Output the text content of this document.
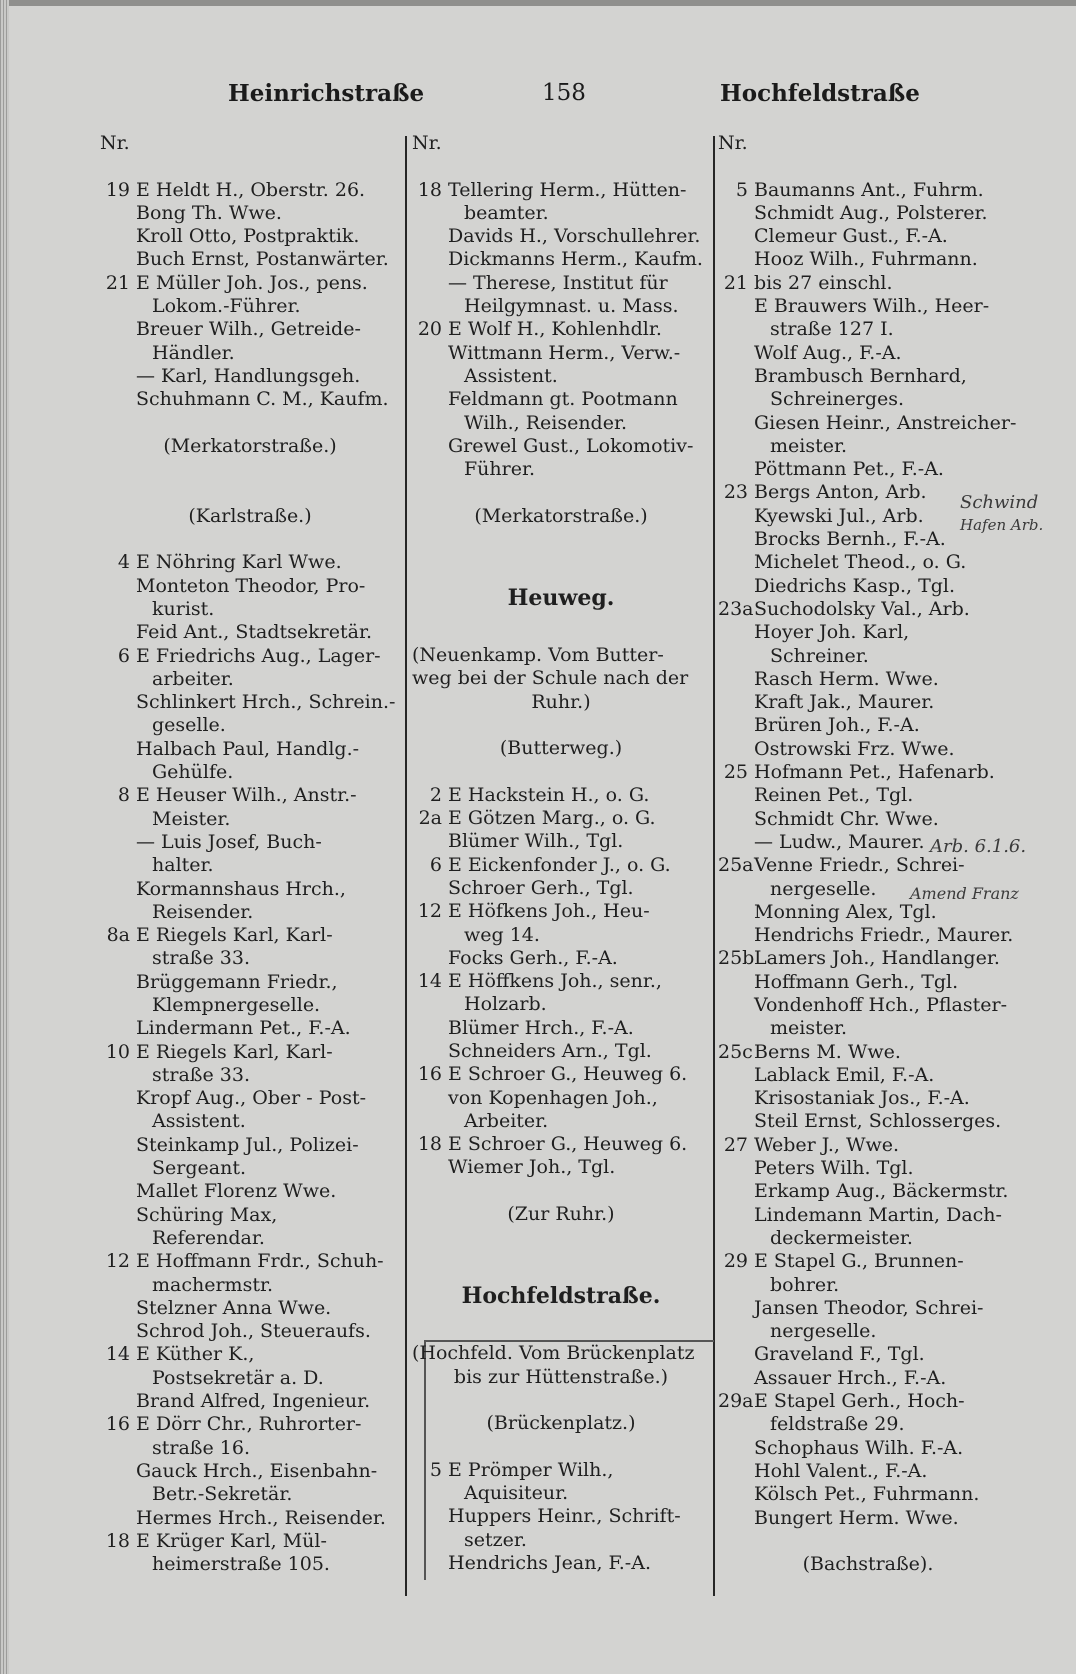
Heinrichstraße	158	Hochfeldstraße
Nr.
19 E Heldt H., Oberstr. 26.
Bong Th. Wwe.
Kroll Otto, Postpraktik.
Buch Ernst, Postanwärter.
21 E Müller Joh. Jos., pens.
Lokom.-Führer.
Breuer Wilh., Getreide-
Händler.
— Karl, Handlungsgeh.
Schuhmann C. M., Kaufm.
(Merkatorstraße.)
(Karlstraße.)
4 E Nöhring Karl Wwe.
Monteton Theodor, Pro-
kurist.
Feid Ant., Stadtsekretär.
6 E Friedrichs Aug., Lager-
arbeiter.
Schlinkert Hrch., Schrein.-
geselle.
Halbach Paul, Handlg.-
Gehülfe.
8 E Heuser Wilh., Anstr.-
Meister.
— Luis Josef, Buch-
halter.
Kormannshaus Hrch.,
Reisender.
8a E Riegels Karl, Karl-
straße 33.
Brüggemann Friedr.,
Klempnergeselle.
Lindermann Pet., F.-A.
10 E Riegels Karl, Karl-
straße 33.
Kropf Aug., Ober - Post-
Assistent.
Steinkamp Jul., Polizei-
Sergeant.
Mallet Florenz Wwe.
Schüring Max,
Referendar.
12 E Hoffmann Frdr., Schuh-
machermstr.
Stelzner Anna Wwe.
Schrod Joh., Steueraufs.
14 E Küther K.,
Postsekretär a. D.
Brand Alfred, Ingenieur.
16 E Dörr Chr., Ruhrorter-
straße 16.
Gauck Hrch., Eisenbahn-
Betr.-Sekretär.
Hermes Hrch., Reisender.
18 E Krüger Karl, Mül-
heimerstraße 105.
Nr.
18 Tellering Herm., Hütten-
beamter.
Davids H., Vorschullehrer.
Dickmanns Herm., Kaufm.
— Therese, Institut für
Heilgymnast. u. Mass.
20 E Wolf H., Kohlenhdlr.
Wittmann Herm., Verw.-
Assistent.
Feldmann gt. Pootmann
Wilh., Reisender.
Grewel Gust., Lokomotiv-
Führer.
(Merkatorstraße.)
Heuweg.
(Neuenkamp. Vom Butter-
weg bei der Schule nach der
Ruhr.)
(Butterweg.)
2 E Hackstein H., o. G.
2a E Götzen Marg., o. G.
Blümer Wilh., Tgl.
6 E Eickenfonder J., o. G.
Schroer Gerh., Tgl.
12 E Höfkens Joh., Heu-
weg 14.
Focks Gerh., F.-A.
14 E Höffkens Joh., senr.,
Holzarb.
Blümer Hrch., F.-A.
Schneiders Arn., Tgl.
16 E Schroer G., Heuweg 6.
von Kopenhagen Joh.,
Arbeiter.
18 E Schroer G., Heuweg 6.
Wiemer Joh., Tgl.
(Zur Ruhr.)
Hochfeldstraße.
(Hochfeld. Vom Brückenplatz
bis zur Hüttenstraße.)
(Brückenplatz.)
5 E Prömper Wilh.,
Aquisiteur.
Huppers Heinr., Schrift-
setzer.
Hendrichs Jean, F.-A.
Nr.
5 Baumanns Ant., Fuhrm.
Schmidt Aug., Polsterer.
Clemeur Gust., F.-A.
Hooz Wilh., Fuhrmann.
21 bis 27 einschl.
E Brauwers Wilh., Heer-
straße 127 I.
Wolf Aug., F.-A.
Brambusch Bernhard,
Schreinerges.
Giesen Heinr., Anstreicher-
meister.
Pöttmann Pet., F.-A.
23 Bergs Anton, Arb.
Kyewski Jul., Arb.
Brocks Bernh., F.-A.
Michelet Theod., o. G.
Diedrichs Kasp., Tgl.
23aSuchodolsky Val., Arb.
Hoyer Joh. Karl,
Schreiner.
Rasch Herm. Wwe.
Kraft Jak., Maurer.
Brüren Joh., F.-A.
Ostrowski Frz. Wwe.
25 Hofmann Pet., Hafenarb.
Reinen Pet., Tgl.
Schmidt Chr. Wwe.
— Ludw., Maurer.
25aVenne Friedr., Schrei-
nergeselle.
Monning Alex, Tgl.
Hendrichs Friedr., Maurer.
25bLamers Joh., Handlanger.
Hoffmann Gerh., Tgl.
Vondenhoff Hch., Pflaster-
meister.
25cBerns M. Wwe.
Lablack Emil, F.-A.
Krisostaniak Jos., F.-A.
Steil Ernst, Schlosserges.
27 Weber J., Wwe.
Peters Wilh. Tgl.
Erkamp Aug., Bäckermstr.
Lindemann Martin, Dach-
deckermeister.
29 E Stapel G., Brunnen-
bohrer.
Jansen Theodor, Schrei-
nergeselle.
Graveland F., Tgl.
Assauer Hrch., F.-A.
29aE Stapel Gerh., Hoch-
feldstraße 29.
Schophaus Wilh. F.-A.
Hohl Valent., F.-A.
Kölsch Pet., Fuhrmann.
Bungert Herm. Wwe.
(Bachstraße).
Schwind
Hafen Arb.
Arb. 6.1.6.
Amend Franz
